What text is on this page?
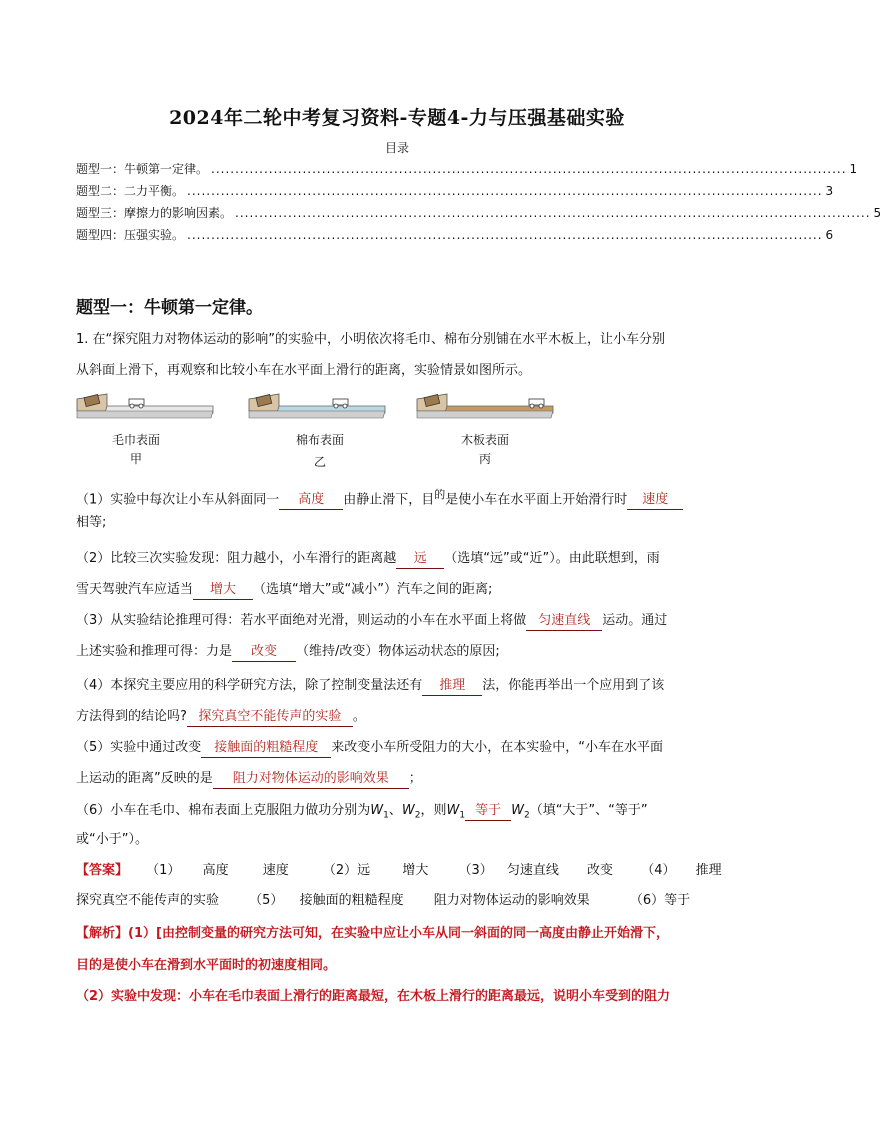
2024年二轮中考复习资料-专题4-力与压强基础实验
目录
题型一：牛顿第一定律。 .................................................................................................................................... 1
题型二：二力平衡。 .................................................................................................................................... 3
题型三：摩擦力的影响因素。 .................................................................................................................................... 5
题型四：压强实验。 .................................................................................................................................... 6
题型一：牛顿第一定律。
1. 在“探究阻力对物体运动的影响”的实验中，小明依次将毛巾、棉布分别铺在水平木板上，让小车分别
从斜面上滑下，再观察和比较小车在水平面上滑行的距离，实验情景如图所示。
毛巾表面
甲
棉布表面
乙
木板表面
丙
（1）实验中每次让小车从斜面同一 高度 由静止滑下，目$^的$是使小车在水平面上开始滑行时 速度
相等;
（2）比较三次实验发现：阻力越小，小车滑行的距离越 远 （选填“远”或“近”）。由此联想到，雨
雪天驾驶汽车应适当 增大 （选填“增大”或“减小”）汽车之间的距离;
（3）从实验结论推理可得：若水平面绝对光滑，则运动的小车在水平面上将做 匀速直线 运动。通过
上述实验和推理可得：力是 改变 （维持/改变）物体运动状态的原因;
（4）本探究主要应用的科学研究方法，除了控制变量法还有 推理 法，你能再举出一个应用到了该
方法得到的结论吗? 探究真空不能传声的实验 。
（5）实验中通过改变 接触面的粗糙程度 来改变小车所受阻力的大小，在本实验中，“小车在水平面
上运动的距离”反映的是 阻力对物体运动的影响效果 ；
（6）小车在毛巾、棉布表面上克服阻力做功分别为$W_1$、$W_2$，则$W_1$ 等于 $W_2$（填“大于”、“等于”
或“小于”）。
【答案】 （1） 高度	速度	（2）远 增大 （3） 匀速直线 改变 （4） 推理
探究真空不能传声的实验 （5） 接触面的粗糙程度 阻力对物体运动的影响效果	（6）等于
【解析】(1）[由控制变量的研究方法可知，在实验中应让小车从同一斜面的同一高度由静止开始滑下，
目的是使小车在滑到水平面时的初速度相同。
（2）实验中发现：小车在毛巾表面上滑行的距离最短，在木板上滑行的距离最远，说明小车受到的阻力
